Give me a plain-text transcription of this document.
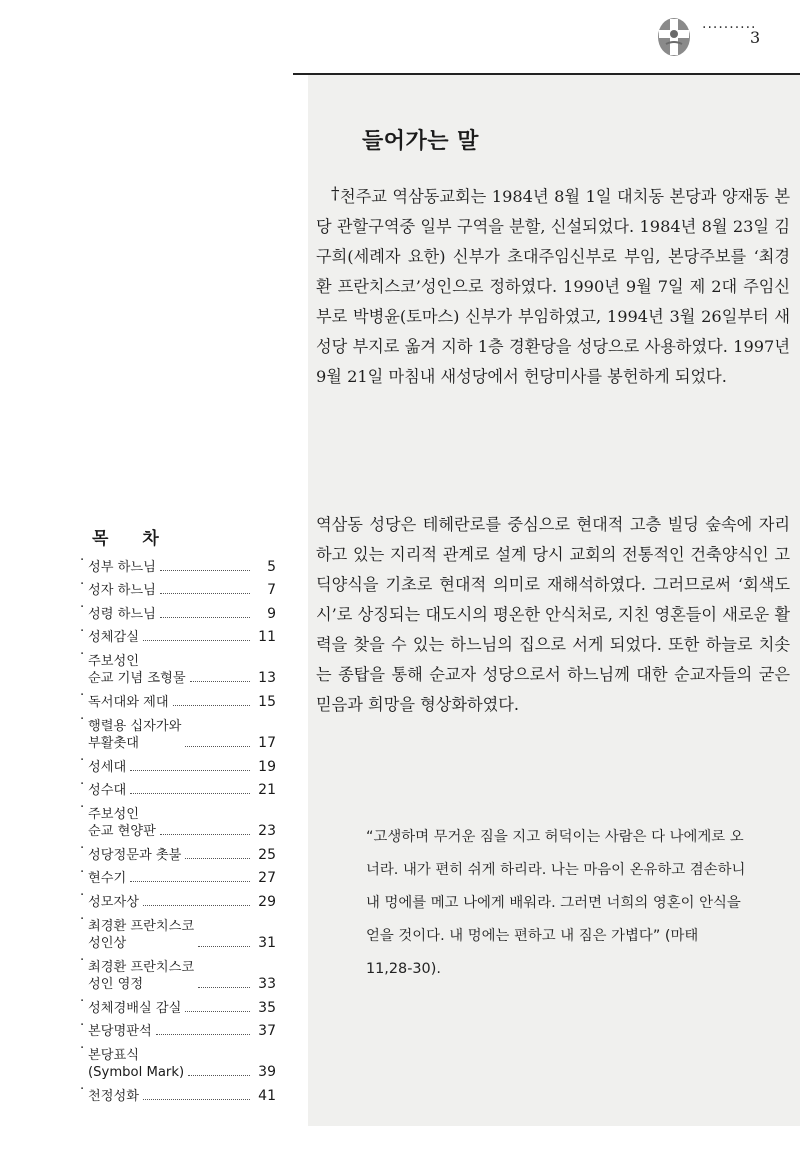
··········
3
들어가는 말
† 천주교 역삼동교회는 1984년 8월 1일 대치동 본당과 양재동 본당 관할구역중 일부 구역을 분할, 신설되었다. 1984년 8월 23일 김구희(세례자 요한) 신부가 초대주임신부로 부임, 본당주보를 ‘최경환 프란치스코’성인으로 정하였다. 1990년 9월 7일 제 2대 주임신부로 박병윤(토마스) 신부가 부임하였고, 1994년 3월 26일부터 새성당 부지로 옮겨 지하 1층 경환당을 성당으로 사용하였다. 1997년 9월 21일 마침내 새성당에서 헌당미사를 봉헌하게 되었다.

역삼동 성당은 테헤란로를 중심으로 현대적 고층 빌딩 숲속에 자리하고 있는 지리적 관계로 설계 당시 교회의 전통적인 건축양식인 고딕양식을 기초로 현대적 의미로 재해석하였다. 그러므로써 ‘회색도시’로 상징되는 대도시의 평온한 안식처로, 지친 영혼들이 새로운 활력을 찾을 수 있는 하느님의 집으로 서게 되었다. 또한 하늘로 치솟는 종탑을 통해 순교자 성당으로서 하느님께 대한 순교자들의 굳은 믿음과 희망을 형상화하였다.

“고생하며 무거운 짐을 지고 허덕이는 사람은 다 나에게로 오너라. 내가 편히 쉬게 하리라. 나는 마음이 온유하고 겸손하니 내 멍에를 메고 나에게 배워라. 그러면 너희의 영혼이 안식을 얻을 것이다. 내 멍에는 편하고 내 짐은 가볍다” (마태 11,28-30).

목차
· 성부 하느님	5
· 성자 하느님	7
· 성령 하느님	9
· 성체감실	11
· 주보성인
순교 기념 조형물	13
· 독서대와 제대	15
· 행렬용 십자가와
부활촛대	17
· 성세대	19
· 성수대	21
· 주보성인
순교 현양판	23
· 성당정문과 촛불	25
· 현수기	27
· 성모자상	29
· 최경환 프란치스코
성인상	31
· 최경환 프란치스코
성인 영정	33
· 성체경배실 감실	35
· 본당명판석	37
· 본당표식
(Symbol Mark)	39
· 천정성화	41
